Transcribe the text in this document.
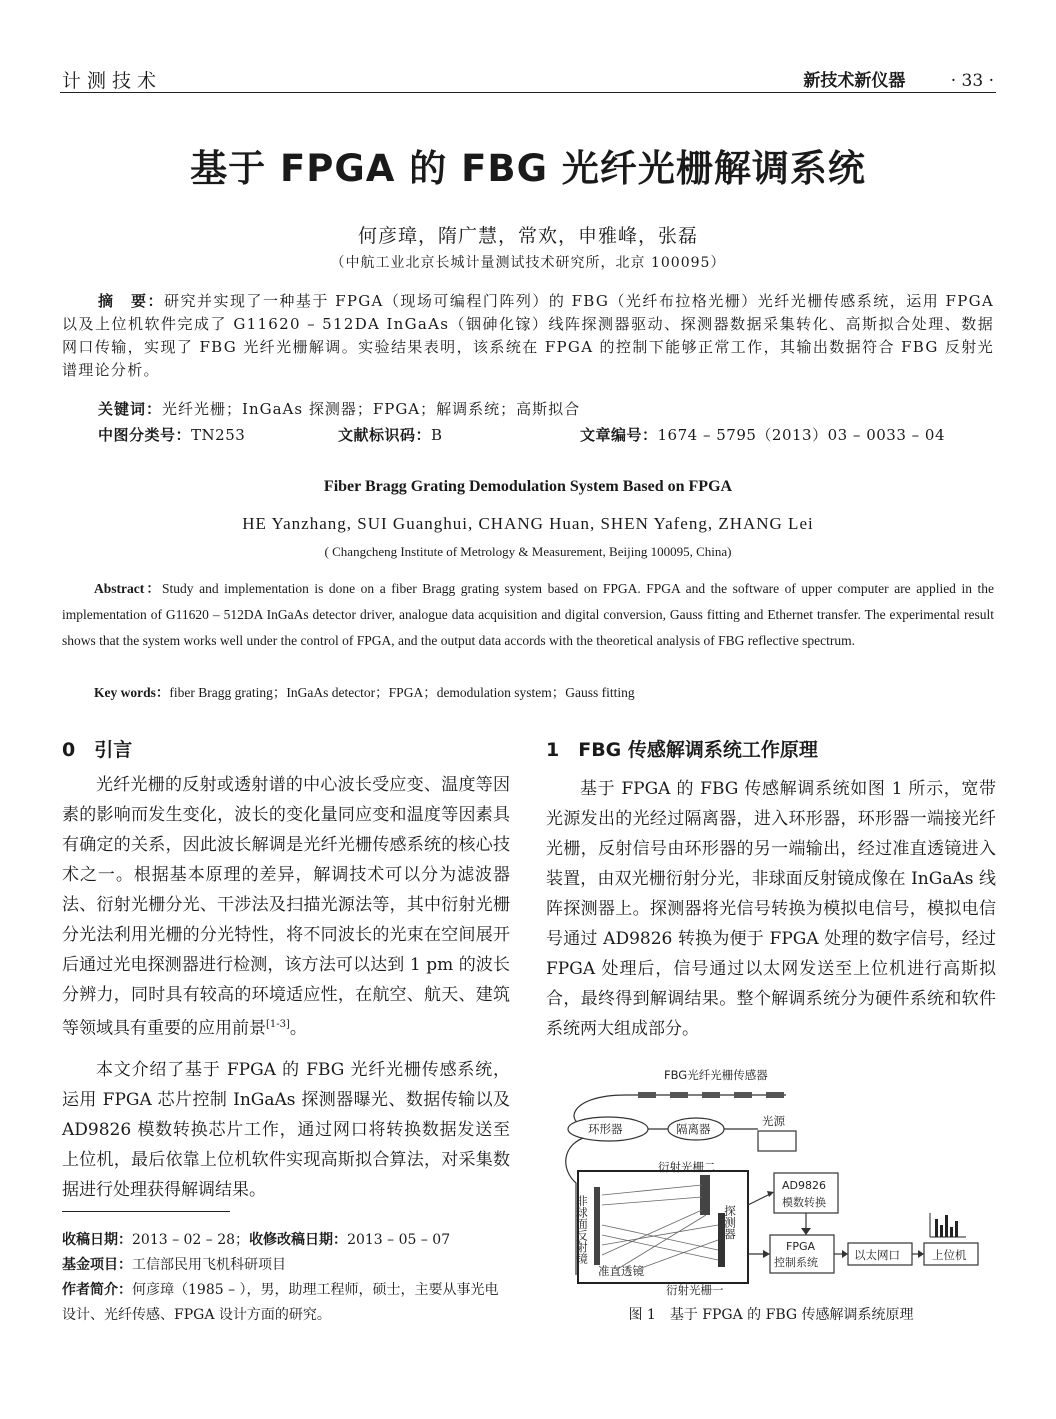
计测技术	新技术新仪器	· 33 ·
基于 FPGA 的 FBG 光纤光栅解调系统
何彦璋，隋广慧，常欢，申雅峰，张磊
（中航工业北京长城计量测试技术研究所，北京 100095）
摘　要：研究并实现了一种基于 FPGA（现场可编程门阵列）的 FBG（光纤布拉格光栅）光纤光栅传感系统，运用 FPGA 以及上位机软件完成了 G11620 – 512DA InGaAs（铟砷化镓）线阵探测器驱动、探测器数据采集转化、高斯拟合处理、数据网口传输，实现了 FBG 光纤光栅解调。实验结果表明，该系统在 FPGA 的控制下能够正常工作，其输出数据符合 FBG 反射光谱理论分析。
关键词：光纤光栅；InGaAs 探测器；FPGA；解调系统；高斯拟合
中图分类号：TN253	文献标识码：B	文章编号：1674 – 5795（2013）03 – 0033 – 04
Fiber Bragg Grating Demodulation System Based on FPGA
HE Yanzhang, SUI Guanghui, CHANG Huan, SHEN Yafeng, ZHANG Lei
( Changcheng Institute of Metrology & Measurement, Beijing 100095, China)
Abstract：Study and implementation is done on a fiber Bragg grating system based on FPGA. FPGA and the software of upper computer are applied in the implementation of G11620 – 512DA InGaAs detector driver, analogue data acquisition and digital conversion, Gauss fitting and Ethernet transfer. The experimental result shows that the system works well under the control of FPGA, and the output data accords with the theoretical analysis of FBG reflective spectrum.
Key words：fiber Bragg grating；InGaAs detector；FPGA；demodulation system；Gauss fitting
0　引言
光纤光栅的反射或透射谱的中心波长受应变、温度等因素的影响而发生变化，波长的变化量同应变和温度等因素具有确定的关系，因此波长解调是光纤光栅传感系统的核心技术之一。根据基本原理的差异，解调技术可以分为滤波器法、衍射光栅分光、干涉法及扫描光源法等，其中衍射光栅分光法利用光栅的分光特性，将不同波长的光束在空间展开后通过光电探测器进行检测，该方法可以达到 1 pm 的波长分辨力，同时具有较高的环境适应性，在航空、航天、建筑等领域具有重要的应用前景[1-3]。
本文介绍了基于 FPGA 的 FBG 光纤光栅传感系统，运用 FPGA 芯片控制 InGaAs 探测器曝光、数据传输以及 AD9826 模数转换芯片工作，通过网口将转换数据发送至上位机，最后依靠上位机软件实现高斯拟合算法，对采集数据进行处理获得解调结果。
收稿日期：2013 – 02 – 28；收修改稿日期：2013 – 05 – 07
基金项目：工信部民用飞机科研项目
作者简介：何彦璋（1985 – ），男，助理工程师，硕士，主要从事光电设计、光纤传感、FPGA 设计方面的研究。
1　FBG 传感解调系统工作原理
基于 FPGA 的 FBG 传感解调系统如图 1 所示，宽带光源发出的光经过隔离器，进入环形器，环形器一端接光纤光栅，反射信号由环形器的另一端输出，经过准直透镜进入装置，由双光栅衍射分光，非球面反射镜成像在 InGaAs 线阵探测器上。探测器将光信号转换为模拟电信号，模拟电信号通过 AD9826 转换为便于 FPGA 处理的数字信号，经过 FPGA 处理后，信号通过以太网发送至上位机进行高斯拟合，最终得到解调结果。整个解调系统分为硬件系统和软件系统两大组成部分。
FBG光纤光栅传感器
环形器	隔离器
光源
衍射光栅二
非球面反射镜	探测器
准直透镜
衍射光栅一
AD9826
模数转换
FPGA
控制系统
以太网口	上位机
图 1　基于 FPGA 的 FBG 传感解调系统原理
